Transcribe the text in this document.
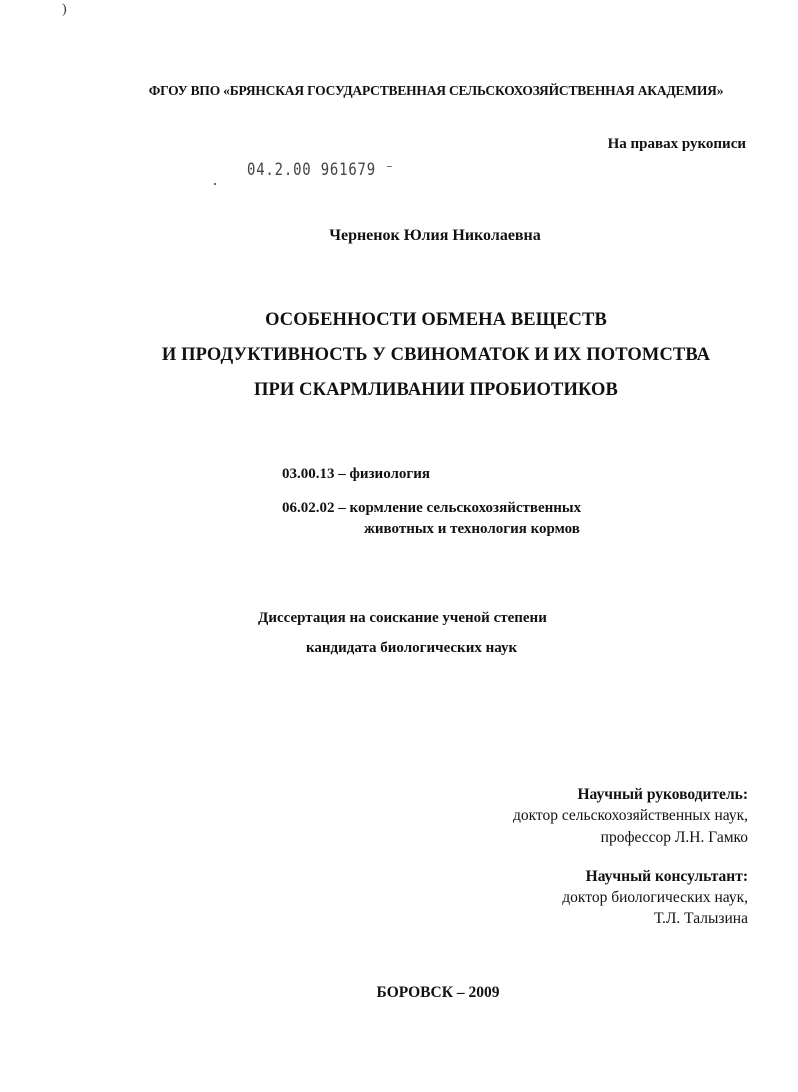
)
ФГОУ ВПО «БРЯНСКАЯ ГОСУДАРСТВЕННАЯ СЕЛЬСКОХОЗЯЙСТВЕННАЯ АКАДЕМИЯ»
На правах рукописи
04.2.00 961679 ⁻
Черненок Юлия Николаевна
ОСОБЕННОСТИ ОБМЕНА ВЕЩЕСТВ
И ПРОДУКТИВНОСТЬ У СВИНОМАТОК И ИХ ПОТОМСТВА
ПРИ СКАРМЛИВАНИИ ПРОБИОТИКОВ
03.00.13 – физиология
06.02.02 – кормление сельскохозяйственных
животных и технология кормов
Диссертация на соискание ученой степени
кандидата биологических наук
Научный руководитель:
доктор сельскохозяйственных наук,
профессор Л.Н. Гамко
Научный консультант:
доктор биологических наук,
Т.Л. Талызина
БОРОВСК – 2009
